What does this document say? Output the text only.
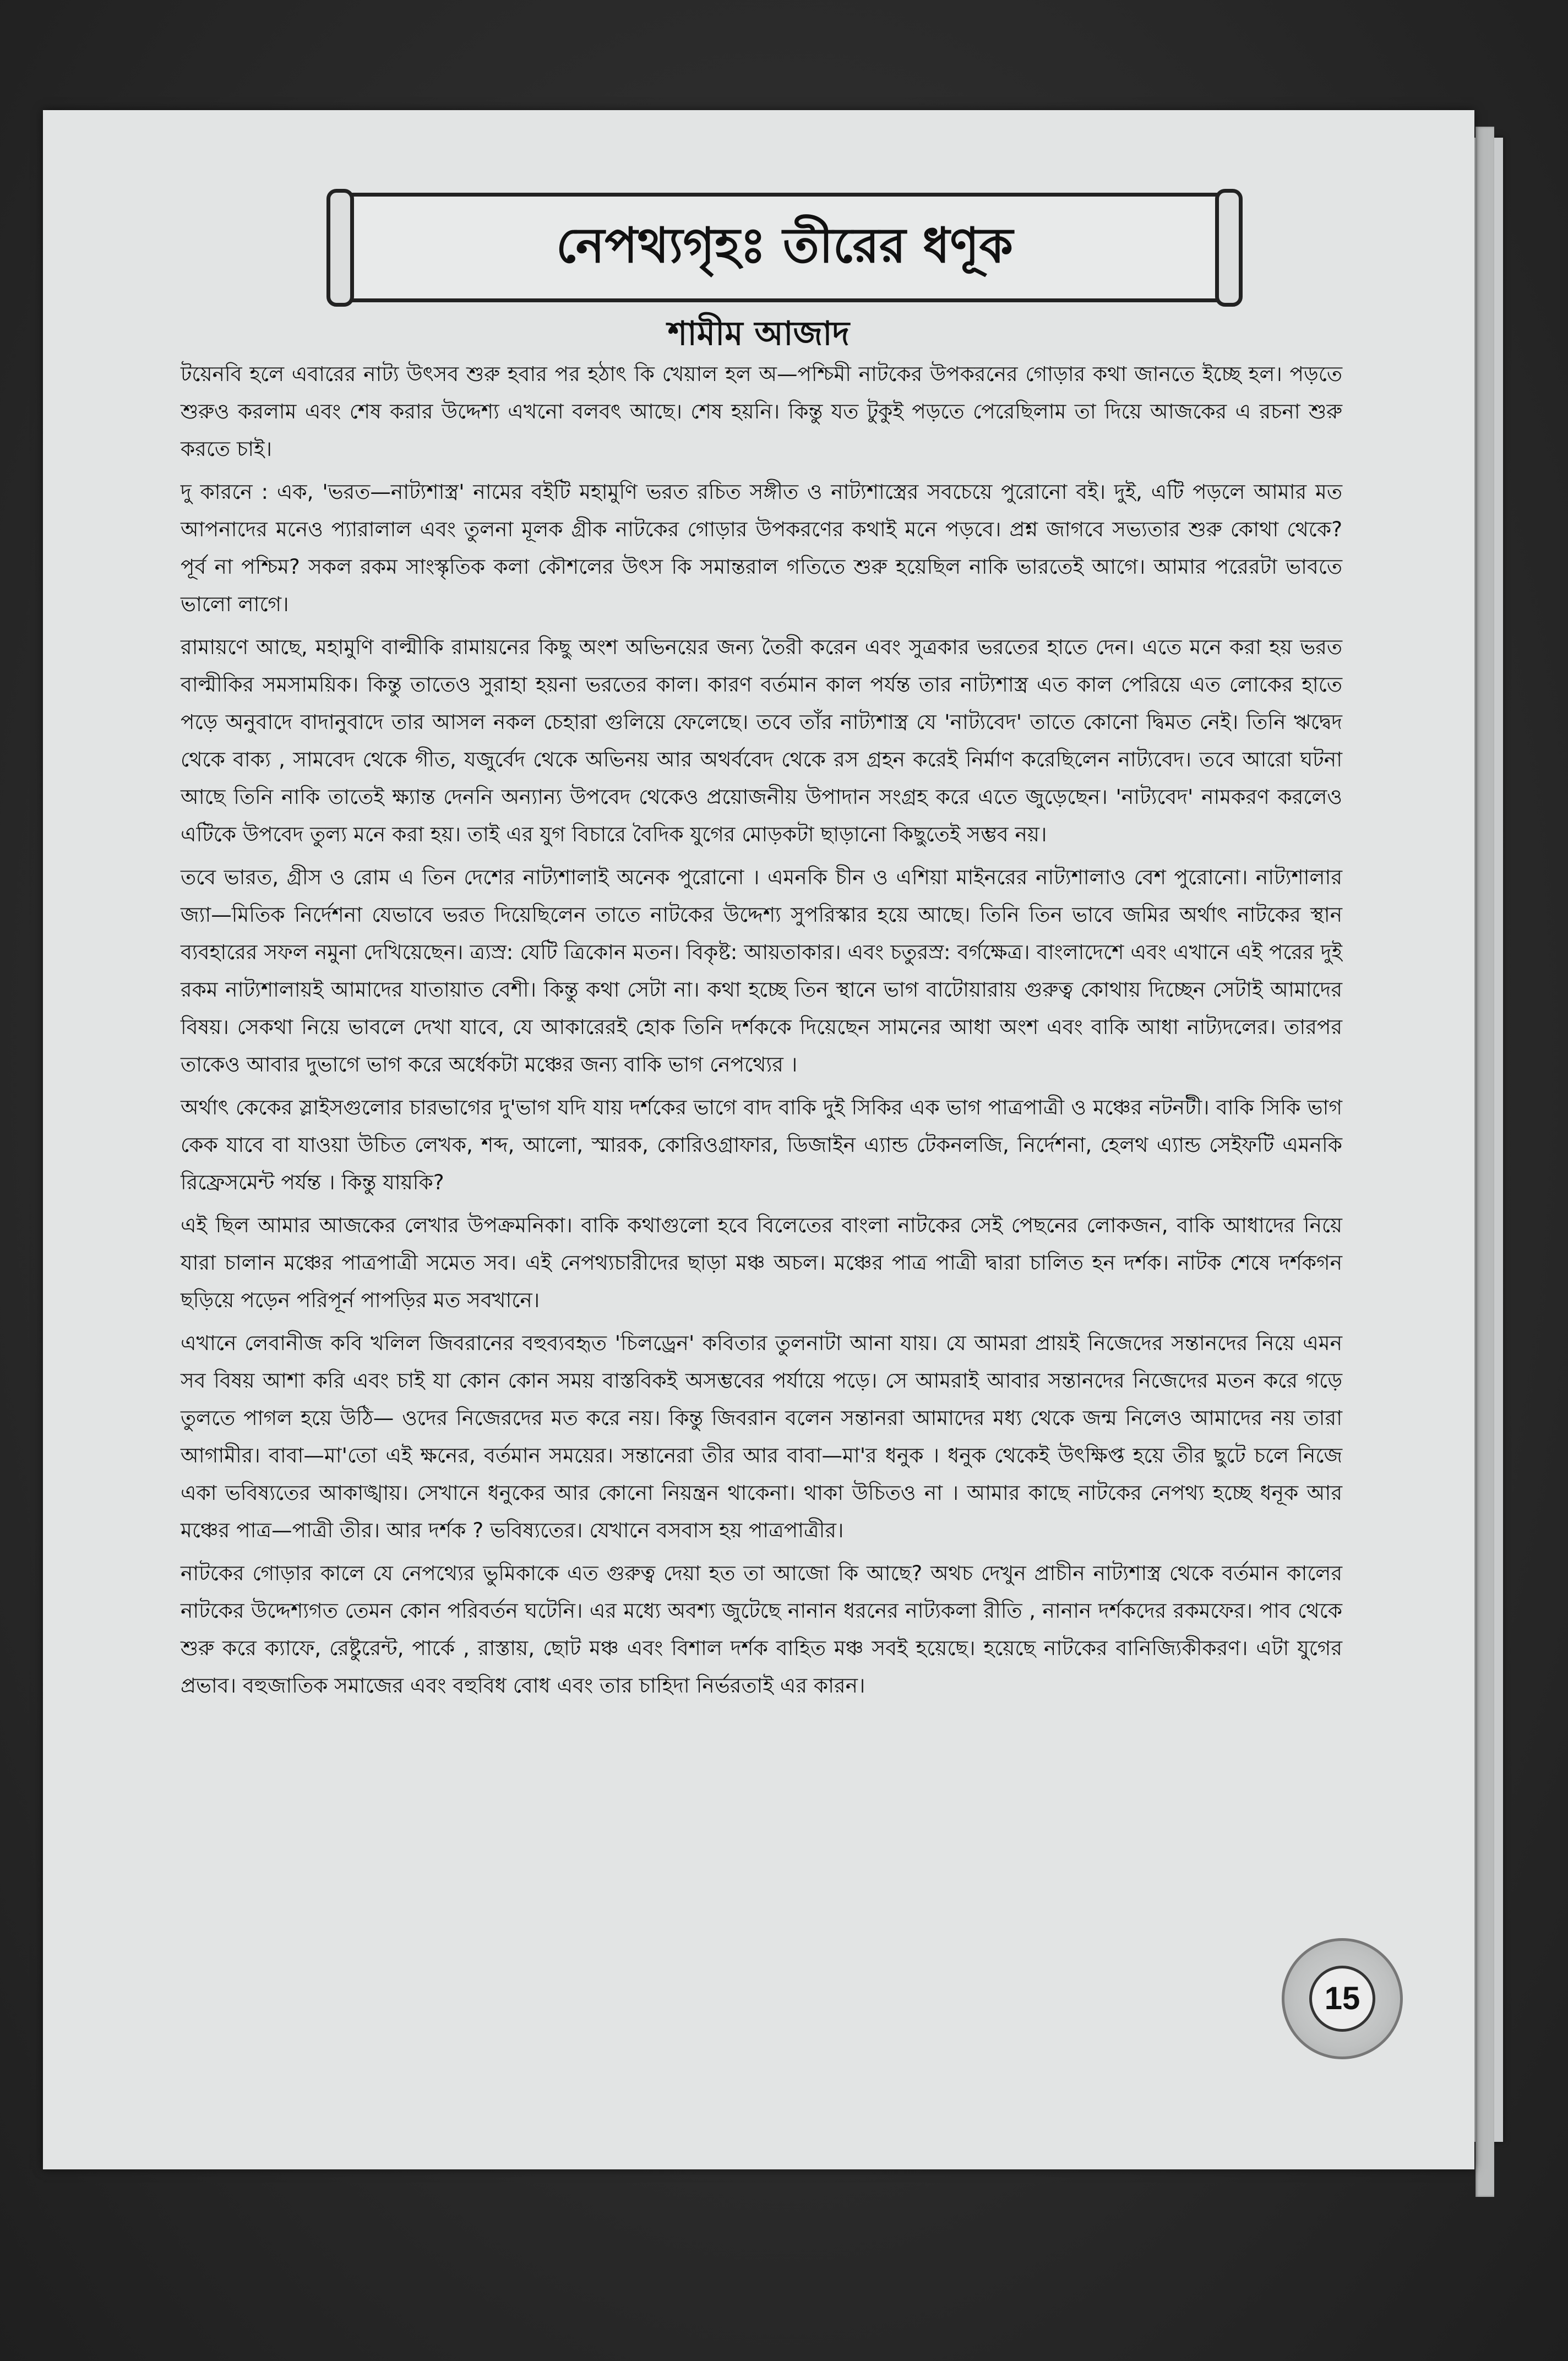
নেপথ্যগৃহঃ তীরের ধণূক
শামীম আজাদ

টয়েনবি হলে এবারের নাট্য উৎসব শুরু হবার পর হঠাৎ কি খেয়াল হল অ—পশ্চিমী নাটকের উপকরনের গোড়ার কথা জানতে ইচ্ছে হল। পড়তে শুরুও করলাম এবং শেষ করার উদ্দেশ্য এখনো বলবৎ আছে। শেষ হয়নি। কিন্তু যত টুকুই পড়তে পেরেছিলাম তা দিয়ে আজকের এ রচনা শুরু করতে চাই।

দু কারনে : এক, 'ভরত—নাট্যশাস্ত্র' নামের বইটি মহামুণি ভরত রচিত সঙ্গীত ও নাট্যশাস্ত্রের সবচেয়ে পুরোনো বই। দুই, এটি পড়লে আমার মত আপনাদের মনেও প্যারালাল এবং তুলনা মূলক গ্রীক নাটকের গোড়ার উপকরণের কথাই মনে পড়বে। প্রশ্ন জাগবে সভ্যতার শুরু কোথা থেকে? পূর্ব না পশ্চিম? সকল রকম সাংস্কৃতিক কলা কৌশলের উৎস কি সমান্তরাল গতিতে শুরু হয়েছিল নাকি ভারতেই আগে। আমার পরেরটা ভাবতে ভালো লাগে।

রামায়ণে আছে, মহামুণি বাল্মীকি রামায়নের কিছু অংশ অভিনয়ের জন্য তৈরী করেন এবং সুত্রকার ভরতের হাতে দেন। এতে মনে করা হয় ভরত বাল্মীকির সমসাময়িক। কিন্তু তাতেও সুরাহা হয়না ভরতের কাল। কারণ বর্তমান কাল পর্যন্ত তার নাট্যশাস্ত্র এত কাল পেরিয়ে এত লোকের হাতে পড়ে অনুবাদে বাদানুবাদে তার আসল নকল চেহারা গুলিয়ে ফেলেছে। তবে তাঁর নাট্যশাস্ত্র যে 'নাট্যবেদ' তাতে কোনো দ্বিমত নেই। তিনি ঋদ্বেদ থেকে বাক্য , সামবেদ থেকে গীত, যজুর্বেদ থেকে অভিনয় আর অথর্ববেদ থেকে রস গ্রহন করেই নির্মাণ করেছিলেন নাট্যবেদ। তবে আরো ঘটনা আছে তিনি নাকি তাতেই ক্ষ্যান্ত দেননি অন্যান্য উপবেদ থেকেও প্রয়োজনীয় উপাদান সংগ্রহ করে এতে জুড়েছেন। 'নাট্যবেদ' নামকরণ করলেও এটিকে উপবেদ তুল্য মনে করা হয়। তাই এর যুগ বিচারে বৈদিক যুগের মোড়কটা ছাড়ানো কিছুতেই সম্ভব নয়।

তবে ভারত, গ্রীস ও রোম এ তিন দেশের নাট্যশালাই অনেক পুরোনো । এমনকি চীন ও এশিয়া মাইনরের নাট্যশালাও বেশ পুরোনো। নাট্যশালার জ্যা—মিতিক নির্দেশনা যেভাবে ভরত দিয়েছিলেন তাতে নাটকের উদ্দেশ্য সুপরিস্কার হয়ে আছে। তিনি তিন ভাবে জমির অর্থাৎ নাটকের স্থান ব্যবহারের সফল নমুনা দেখিয়েছেন। ত্র্যস্র: যেটি ত্রিকোন মতন। বিকৃষ্ট: আয়তাকার। এবং চতুরস্র: বর্গক্ষেত্র। বাংলাদেশে এবং এখানে এই পরের দুই রকম নাট্যশালায়ই আমাদের যাতায়াত বেশী। কিন্তু কথা সেটা না। কথা হচ্ছে তিন স্থানে ভাগ বাটোয়ারায় গুরুত্ব কোথায় দিচ্ছেন সেটাই আমাদের বিষয়। সেকথা নিয়ে ভাবলে দেখা যাবে, যে আকারেরই হোক তিনি দর্শককে দিয়েছেন সামনের আধা অংশ এবং বাকি আধা নাট্যদলের। তারপর তাকেও আবার দুভাগে ভাগ করে অর্ধেকটা মঞ্চের জন্য বাকি ভাগ নেপথ্যের ।

অর্থাৎ কেকের স্লাইসগুলোর চারভাগের দু'ভাগ যদি যায় দর্শকের ভাগে বাদ বাকি দুই সিকির এক ভাগ পাত্রপাত্রী ও মঞ্চের নটনটী। বাকি সিকি ভাগ কেক যাবে বা যাওয়া উচিত লেখক, শব্দ, আলো, স্মারক, কোরিওগ্রাফার, ডিজাইন এ্যান্ড টেকনলজি, নির্দেশনা, হেলথ এ্যান্ড সেইফটি এমনকি রিফ্রেসমেন্ট পর্যন্ত । কিন্তু যায়কি?

এই ছিল আমার আজকের লেখার উপক্রমনিকা। বাকি কথাগুলো হবে বিলেতের বাংলা নাটকের সেই পেছনের লোকজন, বাকি আধাদের নিয়ে যারা চালান মঞ্চের পাত্রপাত্রী সমেত সব। এই নেপথ্যচারীদের ছাড়া মঞ্চ অচল। মঞ্চের পাত্র পাত্রী দ্বারা চালিত হন দর্শক। নাটক শেষে দর্শকগন ছড়িয়ে পড়েন পরিপূর্ন পাপড়ির মত সবখানে।

এখানে লেবানীজ কবি খলিল জিবরানের বহুব্যবহৃত 'চিলড্রেন' কবিতার তুলনাটা আনা যায়। যে আমরা প্রায়ই নিজেদের সন্তানদের নিয়ে এমন সব বিষয় আশা করি এবং চাই যা কোন কোন সময় বাস্তবিকই অসম্ভবের পর্যায়ে পড়ে। সে আমরাই আবার সন্তানদের নিজেদের মতন করে গড়ে তুলতে পাগল হয়ে উঠি— ওদের নিজেরদের মত করে নয়। কিন্তু জিবরান বলেন সন্তানরা আমাদের মধ্য থেকে জন্ম নিলেও আমাদের নয় তারা আগামীর। বাবা—মা'তো এই ক্ষনের, বর্তমান সময়ের। সন্তানেরা তীর আর বাবা—মা'র ধনুক । ধনুক থেকেই উৎক্ষিপ্ত হয়ে তীর ছুটে চলে নিজে একা ভবিষ্যতের আকাঙ্খায়। সেখানে ধনুকের আর কোনো নিয়ন্ত্রন থাকেনা। থাকা উচিতও না । আমার কাছে নাটকের নেপথ্য হচ্ছে ধনূক আর মঞ্চের পাত্র—পাত্রী তীর। আর দর্শক ? ভবিষ্যতের। যেখানে বসবাস হয় পাত্রপাত্রীর।

নাটকের গোড়ার কালে যে নেপথ্যের ভুমিকাকে এত গুরুত্ব দেয়া হত তা আজো কি আছে? অথচ দেখুন প্রাচীন নাট্যশাস্ত্র থেকে বর্তমান কালের নাটকের উদ্দেশ্যগত তেমন কোন পরিবর্তন ঘটেনি। এর মধ্যে অবশ্য জুটেছে নানান ধরনের নাট্যকলা রীতি , নানান দর্শকদের রকমফের। পাব থেকে শুরু করে ক্যাফে, রেষ্টুরেন্ট, পার্কে , রাস্তায়, ছোট মঞ্চ এবং বিশাল দর্শক বাহিত মঞ্চ সবই হয়েছে। হয়েছে নাটকের বানিজ্যিকীকরণ। এটা যুগের প্রভাব। বহুজাতিক সমাজের এবং বহুবিধ বোধ এবং তার চাহিদা নির্ভরতাই এর কারন।

15
